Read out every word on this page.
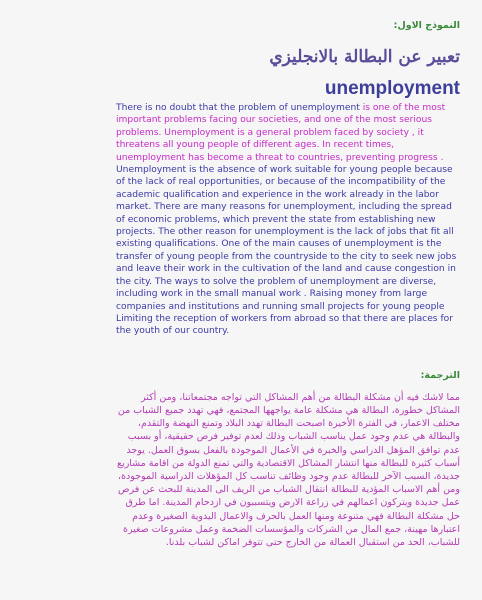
النموذج الاول:

تعبير عن البطالة بالانجليزي
unemployment

There is no doubt that the problem of unemployment is one of the most important problems facing our societies, and one of the most serious problems. Unemployment is a general problem faced by society , it threatens all young people of different ages. In recent times, unemployment has become a threat to countries, preventing progress . Unemployment is the absence of work suitable for young people because of the lack of real opportunities, or because of the incompatibility of the academic qualification and experience in the work already in the labor market. There are many reasons for unemployment, including the spread of economic problems, which prevent the state from establishing new projects. The other reason for unemployment is the lack of jobs that fit all existing qualifications. One of the main causes of unemployment is the transfer of young people from the countryside to the city to seek new jobs and leave their work in the cultivation of the land and cause congestion in the city. The ways to solve the problem of unemployment are diverse, including work in the small manual work . Raising money from large companies and institutions and running small projects for young people Limiting the reception of workers from abroad so that there are places for the youth of our country.

الترجمة:

مما لاشك فيه أن مشكلة البطالة من أهم المشاكل التي تواجه مجتمعاتنا، ومن أكثر المشاكل خطورة، البطالة هي مشكلة عامة يواجهها المجتمع، فهي تهدد جميع الشباب من مختلف الاعمار، في الفترة الأخيرة اصبحت البطالة تهدد البلاد وتمنع النهضة والتقدم، والبطالة هي عدم وجود عمل يناسب الشباب وذلك لعدم توفير فرص حقيقية، أو بسبب عدم توافق المؤهل الدراسي والخبرة في الأعمال الموجودة بالفعل بسوق العمل. يوجد أسباب كثيرة للبطالة منها انتشار المشاكل الاقتصادية والتي تمنع الدولة من اقامة مشاريع جديدة، السبب الآخر للبطالة عدم وجود وظائف تناسب كل المؤهلات الدراسية الموجودة، ومن أهم الاسباب المؤدية للبطالة انتقال الشباب من الريف الى المدينة للبحث عن فرص عمل جديدة ويتركون اعمالهم في زراعة الارض ويتسببون في ازدحام المدينة. اما طرق حل مشكلة البطالة فهي متنوعة ومنها العمل بالحرف والاعمال اليدوية الصغيرة وعدم اعتبارها مهينة، جمع المال من الشركات والمؤسسات الضخمة وعمل مشروعات صغيرة للشباب، الحد من استقبال العمالة من الخارج حتى تتوفر اماكن لشباب بلدنا.
